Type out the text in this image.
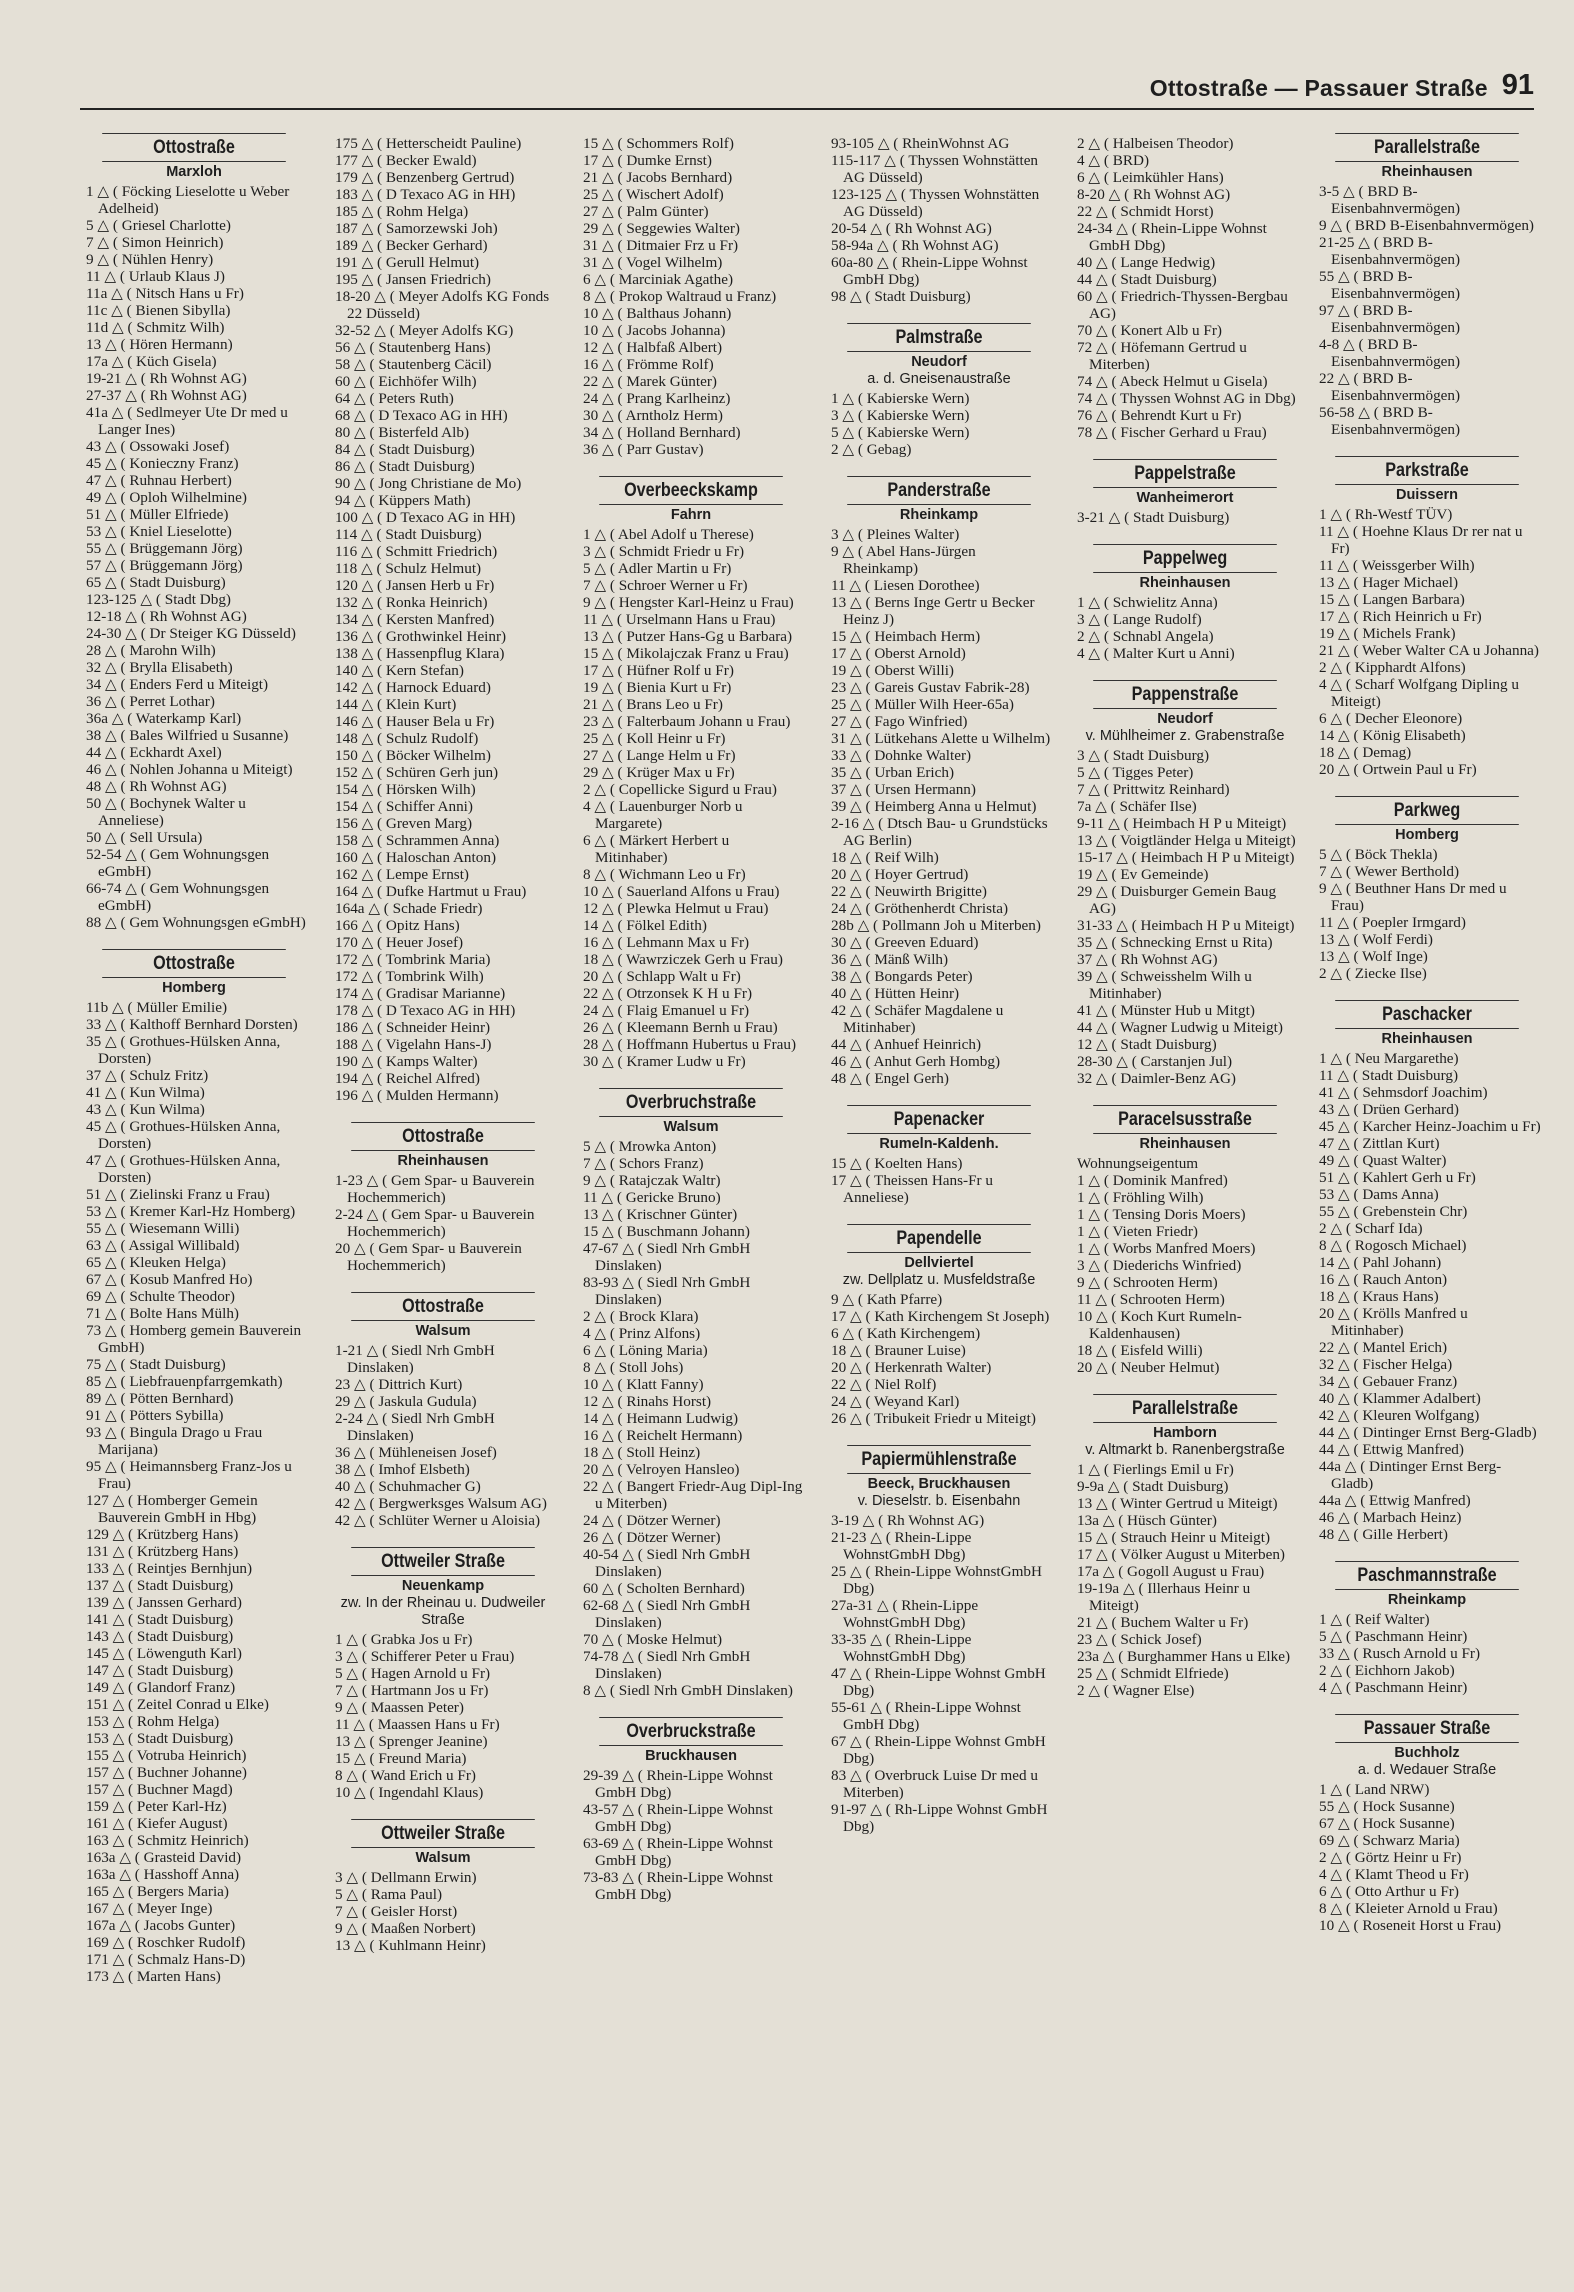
Ottostraße — Passauer Straße 91
Ottostraße
Marxloh
1 △ ( Föcking Lieselotte u Weber Adelheid)
5 △ ( Griesel Charlotte)
7 △ ( Simon Heinrich)
9 △ ( Nühlen Henry)
11 △ ( Urlaub Klaus J)
11a △ ( Nitsch Hans u Fr)
11c △ ( Bienen Sibylla)
11d △ ( Schmitz Wilh)
13 △ ( Hören Hermann)
17a △ ( Küch Gisela)
19-21 △ ( Rh Wohnst AG)
27-37 △ ( Rh Wohnst AG)
41a △ ( Sedlmeyer Ute Dr med u Langer Ines)
43 △ ( Ossowaki Josef)
45 △ ( Konieczny Franz)
47 △ ( Ruhnau Herbert)
49 △ ( Oploh Wilhelmine)
51 △ ( Müller Elfriede)
53 △ ( Kniel Lieselotte)
55 △ ( Brüggemann Jörg)
57 △ ( Brüggemann Jörg)
65 △ ( Stadt Duisburg)
123-125 △ ( Stadt Dbg)
12-18 △ ( Rh Wohnst AG)
24-30 △ ( Dr Steiger KG Düsseld)
28 △ ( Marohn Wilh)
32 △ ( Brylla Elisabeth)
34 △ ( Enders Ferd u Miteigt)
36 △ ( Perret Lothar)
36a △ ( Waterkamp Karl)
38 △ ( Bales Wilfried u Susanne)
44 △ ( Eckhardt Axel)
46 △ ( Nohlen Johanna u Miteigt)
48 △ ( Rh Wohnst AG)
50 △ ( Bochynek Walter u Anneliese)
50 △ ( Sell Ursula)
52-54 △ ( Gem Wohnungsgen eGmbH)
66-74 △ ( Gem Wohnungsgen eGmbH)
88 △ ( Gem Wohnungsgen eGmbH)
Ottostraße
Homberg
11b △ ( Müller Emilie)
33 △ ( Kalthoff Bernhard Dorsten)
35 △ ( Grothues-Hülsken Anna, Dorsten)
37 △ ( Schulz Fritz)
41 △ ( Kun Wilma)
43 △ ( Kun Wilma)
45 △ ( Grothues-Hülsken Anna, Dorsten)
47 △ ( Grothues-Hülsken Anna, Dorsten)
51 △ ( Zielinski Franz u Frau)
53 △ ( Kremer Karl-Hz Homberg)
55 △ ( Wiesemann Willi)
63 △ ( Assigal Willibald)
65 △ ( Kleuken Helga)
67 △ ( Kosub Manfred Ho)
69 △ ( Schulte Theodor)
71 △ ( Bolte Hans Mülh)
73 △ ( Homberg gemein Bauverein GmbH)
75 △ ( Stadt Duisburg)
85 △ ( Liebfrauenpfarrgemkath)
89 △ ( Pötten Bernhard)
91 △ ( Pötters Sybilla)
93 △ ( Bingula Drago u Frau Marijana)
95 △ ( Heimannsberg Franz-Jos u Frau)
127 △ ( Homberger Gemein Bauverein GmbH in Hbg)
129 △ ( Krützberg Hans)
131 △ ( Krützberg Hans)
133 △ ( Reintjes Bernhjun)
137 △ ( Stadt Duisburg)
139 △ ( Janssen Gerhard)
141 △ ( Stadt Duisburg)
143 △ ( Stadt Duisburg)
145 △ ( Löwenguth Karl)
147 △ ( Stadt Duisburg)
149 △ ( Glandorf Franz)
151 △ ( Zeitel Conrad u Elke)
153 △ ( Rohm Helga)
153 △ ( Stadt Duisburg)
155 △ ( Votruba Heinrich)
157 △ ( Buchner Johanne)
157 △ ( Buchner Magd)
159 △ ( Peter Karl-Hz)
161 △ ( Kiefer August)
163 △ ( Schmitz Heinrich)
163a △ ( Grasteid David)
163a △ ( Hasshoff Anna)
165 △ ( Bergers Maria)
167 △ ( Meyer Inge)
167a △ ( Jacobs Gunter)
169 △ ( Roschker Rudolf)
171 △ ( Schmalz Hans-D)
173 △ ( Marten Hans)
175 △ ( Hetterscheidt Pauline)
177 △ ( Becker Ewald)
179 △ ( Benzenberg Gertrud)
183 △ ( D Texaco AG in HH)
185 △ ( Rohm Helga)
187 △ ( Samorzewski Joh)
189 △ ( Becker Gerhard)
191 △ ( Gerull Helmut)
195 △ ( Jansen Friedrich)
18-20 △ ( Meyer Adolfs KG Fonds 22 Düsseld)
32-52 △ ( Meyer Adolfs KG)
56 △ ( Stautenberg Hans)
58 △ ( Stautenberg Cäcil)
60 △ ( Eichhöfer Wilh)
64 △ ( Peters Ruth)
68 △ ( D Texaco AG in HH)
80 △ ( Bisterfeld Alb)
84 △ ( Stadt Duisburg)
86 △ ( Stadt Duisburg)
90 △ ( Jong Christiane de Mo)
94 △ ( Küppers Math)
100 △ ( D Texaco AG in HH)
114 △ ( Stadt Duisburg)
116 △ ( Schmitt Friedrich)
118 △ ( Schulz Helmut)
120 △ ( Jansen Herb u Fr)
132 △ ( Ronka Heinrich)
134 △ ( Kersten Manfred)
136 △ ( Grothwinkel Heinr)
138 △ ( Hassenpflug Klara)
140 △ ( Kern Stefan)
142 △ ( Harnock Eduard)
144 △ ( Klein Kurt)
146 △ ( Hauser Bela u Fr)
148 △ ( Schulz Rudolf)
150 △ ( Böcker Wilhelm)
152 △ ( Schüren Gerh jun)
154 △ ( Hörsken Wilh)
154 △ ( Schiffer Anni)
156 △ ( Greven Marg)
158 △ ( Schrammen Anna)
160 △ ( Haloschan Anton)
162 △ ( Lempe Ernst)
164 △ ( Dufke Hartmut u Frau)
164a △ ( Schade Friedr)
166 △ ( Opitz Hans)
170 △ ( Heuer Josef)
172 △ ( Tombrink Maria)
172 △ ( Tombrink Wilh)
174 △ ( Gradisar Marianne)
178 △ ( D Texaco AG in HH)
186 △ ( Schneider Heinr)
188 △ ( Vigelahn Hans-J)
190 △ ( Kamps Walter)
194 △ ( Reichel Alfred)
196 △ ( Mulden Hermann)
Ottostraße
Rheinhausen
1-23 △ ( Gem Spar- u Bauverein Hochemmerich)
2-24 △ ( Gem Spar- u Bauverein Hochemmerich)
20 △ ( Gem Spar- u Bauverein Hochemmerich)
Ottostraße
Walsum
1-21 △ ( Siedl Nrh GmbH Dinslaken)
23 △ ( Dittrich Kurt)
29 △ ( Jaskula Gudula)
2-24 △ ( Siedl Nrh GmbH Dinslaken)
36 △ ( Mühleneisen Josef)
38 △ ( Imhof Elsbeth)
40 △ ( Schuhmacher G)
42 △ ( Bergwerksges Walsum AG)
42 △ ( Schlüter Werner u Aloisia)
Ottweiler Straße
Neuenkamp
zw. In der Rheinau u. Dudweiler Straße
1 △ ( Grabka Jos u Fr)
3 △ ( Schifferer Peter u Frau)
5 △ ( Hagen Arnold u Fr)
7 △ ( Hartmann Jos u Fr)
9 △ ( Maassen Peter)
11 △ ( Maassen Hans u Fr)
13 △ ( Sprenger Jeanine)
15 △ ( Freund Maria)
8 △ ( Wand Erich u Fr)
10 △ ( Ingendahl Klaus)
Ottweiler Straße
Walsum
3 △ ( Dellmann Erwin)
5 △ ( Rama Paul)
7 △ ( Geisler Horst)
9 △ ( Maaßen Norbert)
13 △ ( Kuhlmann Heinr)
15 △ ( Schommers Rolf)
17 △ ( Dumke Ernst)
21 △ ( Jacobs Bernhard)
25 △ ( Wischert Adolf)
27 △ ( Palm Günter)
29 △ ( Seggewies Walter)
31 △ ( Ditmaier Frz u Fr)
31 △ ( Vogel Wilhelm)
6 △ ( Marciniak Agathe)
8 △ ( Prokop Waltraud u Franz)
10 △ ( Balthaus Johann)
10 △ ( Jacobs Johanna)
12 △ ( Halbfaß Albert)
16 △ ( Frömme Rolf)
22 △ ( Marek Günter)
24 △ ( Prang Karlheinz)
30 △ ( Arntholz Herm)
34 △ ( Holland Bernhard)
36 △ ( Parr Gustav)
Overbeeckskamp
Fahrn
1 △ ( Abel Adolf u Therese)
3 △ ( Schmidt Friedr u Fr)
5 △ ( Adler Martin u Fr)
7 △ ( Schroer Werner u Fr)
9 △ ( Hengster Karl-Heinz u Frau)
11 △ ( Urselmann Hans u Frau)
13 △ ( Putzer Hans-Gg u Barbara)
15 △ ( Mikolajczak Franz u Frau)
17 △ ( Hüfner Rolf u Fr)
19 △ ( Bienia Kurt u Fr)
21 △ ( Brans Leo u Fr)
23 △ ( Falterbaum Johann u Frau)
25 △ ( Koll Heinr u Fr)
27 △ ( Lange Helm u Fr)
29 △ ( Krüger Max u Fr)
2 △ ( Copellicke Sigurd u Frau)
4 △ ( Lauenburger Norb u Margarete)
6 △ ( Märkert Herbert u Mitinhaber)
8 △ ( Wichmann Leo u Fr)
10 △ ( Sauerland Alfons u Frau)
12 △ ( Plewka Helmut u Frau)
14 △ ( Fölkel Edith)
16 △ ( Lehmann Max u Fr)
18 △ ( Wawrziczek Gerh u Frau)
20 △ ( Schlapp Walt u Fr)
22 △ ( Otrzonsek K H u Fr)
24 △ ( Flaig Emanuel u Fr)
26 △ ( Kleemann Bernh u Frau)
28 △ ( Hoffmann Hubertus u Frau)
30 △ ( Kramer Ludw u Fr)
Overbruchstraße
Walsum
5 △ ( Mrowka Anton)
7 △ ( Schors Franz)
9 △ ( Ratajczak Waltr)
11 △ ( Gericke Bruno)
13 △ ( Krischner Günter)
15 △ ( Buschmann Johann)
47-67 △ ( Siedl Nrh GmbH Dinslaken)
83-93 △ ( Siedl Nrh GmbH Dinslaken)
2 △ ( Brock Klara)
4 △ ( Prinz Alfons)
6 △ ( Löning Maria)
8 △ ( Stoll Johs)
10 △ ( Klatt Fanny)
12 △ ( Rinahs Horst)
14 △ ( Heimann Ludwig)
16 △ ( Reichelt Hermann)
18 △ ( Stoll Heinz)
20 △ ( Velroyen Hansleo)
22 △ ( Bangert Friedr-Aug Dipl-Ing u Miterben)
24 △ ( Dötzer Werner)
26 △ ( Dötzer Werner)
40-54 △ ( Siedl Nrh GmbH Dinslaken)
60 △ ( Scholten Bernhard)
62-68 △ ( Siedl Nrh GmbH Dinslaken)
70 △ ( Moske Helmut)
74-78 △ ( Siedl Nrh GmbH Dinslaken)
8 △ ( Siedl Nrh GmbH Dinslaken)
Overbruckstraße
Bruckhausen
29-39 △ ( Rhein-Lippe Wohnst GmbH Dbg)
43-57 △ ( Rhein-Lippe Wohnst GmbH Dbg)
63-69 △ ( Rhein-Lippe Wohnst GmbH Dbg)
73-83 △ ( Rhein-Lippe Wohnst GmbH Dbg)
93-105 △ ( RheinWohnst AG
115-117 △ ( Thyssen Wohnstätten AG Düsseld)
123-125 △ ( Thyssen Wohnstätten AG Düsseld)
20-54 △ ( Rh Wohnst AG)
58-94a △ ( Rh Wohnst AG)
60a-80 △ ( Rhein-Lippe Wohnst GmbH Dbg)
98 △ ( Stadt Duisburg)
Palmstraße
Neudorf
a. d. Gneisenaustraße
1 △ ( Kabierske Wern)
3 △ ( Kabierske Wern)
5 △ ( Kabierske Wern)
2 △ ( Gebag)
Panderstraße
Rheinkamp
3 △ ( Pleines Walter)
9 △ ( Abel Hans-Jürgen Rheinkamp)
11 △ ( Liesen Dorothee)
13 △ ( Berns Inge Gertr u Becker Heinz J)
15 △ ( Heimbach Herm)
17 △ ( Oberst Arnold)
19 △ ( Oberst Willi)
23 △ ( Gareis Gustav Fabrik-28)
25 △ ( Müller Wilh Heer-65a)
27 △ ( Fago Winfried)
31 △ ( Lütkehans Alette u Wilhelm)
33 △ ( Dohnke Walter)
35 △ ( Urban Erich)
37 △ ( Ursen Hermann)
39 △ ( Heimberg Anna u Helmut)
2-16 △ ( Dtsch Bau- u Grundstücks AG Berlin)
18 △ ( Reif Wilh)
20 △ ( Hoyer Gertrud)
22 △ ( Neuwirth Brigitte)
24 △ ( Gröthenherdt Christa)
28b △ ( Pollmann Joh u Miterben)
30 △ ( Greeven Eduard)
36 △ ( Mänß Wilh)
38 △ ( Bongards Peter)
40 △ ( Hütten Heinr)
42 △ ( Schäfer Magdalene u Mitinhaber)
44 △ ( Anhuef Heinrich)
46 △ ( Anhut Gerh Hombg)
48 △ ( Engel Gerh)
Papenacker
Rumeln-Kaldenh.
15 △ ( Koelten Hans)
17 △ ( Theissen Hans-Fr u Anneliese)
Papendelle
Dellviertel
zw. Dellplatz u. Musfeldstraße
9 △ ( Kath Pfarre)
17 △ ( Kath Kirchengem St Joseph)
6 △ ( Kath Kirchengem)
18 △ ( Brauner Luise)
20 △ ( Herkenrath Walter)
22 △ ( Niel Rolf)
24 △ ( Weyand Karl)
26 △ ( Tribukeit Friedr u Miteigt)
Papiermühlenstraße
Beeck, Bruckhausen
v. Dieselstr. b. Eisenbahn
3-19 △ ( Rh Wohnst AG)
21-23 △ ( Rhein-Lippe WohnstGmbH Dbg)
25 △ ( Rhein-Lippe WohnstGmbH Dbg)
27a-31 △ ( Rhein-Lippe WohnstGmbH Dbg)
33-35 △ ( Rhein-Lippe WohnstGmbH Dbg)
47 △ ( Rhein-Lippe Wohnst GmbH Dbg)
55-61 △ ( Rhein-Lippe Wohnst GmbH Dbg)
67 △ ( Rhein-Lippe Wohnst GmbH Dbg)
83 △ ( Overbruck Luise Dr med u Miterben)
91-97 △ ( Rh-Lippe Wohnst GmbH Dbg)
2 △ ( Halbeisen Theodor)
4 △ ( BRD)
6 △ ( Leimkühler Hans)
8-20 △ ( Rh Wohnst AG)
22 △ ( Schmidt Horst)
24-34 △ ( Rhein-Lippe Wohnst GmbH Dbg)
40 △ ( Lange Hedwig)
44 △ ( Stadt Duisburg)
60 △ ( Friedrich-Thyssen-Bergbau AG)
70 △ ( Konert Alb u Fr)
72 △ ( Höfemann Gertrud u Miterben)
74 △ ( Abeck Helmut u Gisela)
74 △ ( Thyssen Wohnst AG in Dbg)
76 △ ( Behrendt Kurt u Fr)
78 △ ( Fischer Gerhard u Frau)
Pappelstraße
Wanheimerort
3-21 △ ( Stadt Duisburg)
Pappelweg
Rheinhausen
1 △ ( Schwielitz Anna)
3 △ ( Lange Rudolf)
2 △ ( Schnabl Angela)
4 △ ( Malter Kurt u Anni)
Pappenstraße
Neudorf
v. Mühlheimer z. Grabenstraße
3 △ ( Stadt Duisburg)
5 △ ( Tigges Peter)
7 △ ( Prittwitz Reinhard)
7a △ ( Schäfer Ilse)
9-11 △ ( Heimbach H P u Miteigt)
13 △ ( Voigtländer Helga u Miteigt)
15-17 △ ( Heimbach H P u Miteigt)
19 △ ( Ev Gemeinde)
29 △ ( Duisburger Gemein Baug AG)
31-33 △ ( Heimbach H P u Miteigt)
35 △ ( Schnecking Ernst u Rita)
37 △ ( Rh Wohnst AG)
39 △ ( Schweisshelm Wilh u Mitinhaber)
41 △ ( Münster Hub u Mitgt)
44 △ ( Wagner Ludwig u Miteigt)
12 △ ( Stadt Duisburg)
28-30 △ ( Carstanjen Jul)
32 △ ( Daimler-Benz AG)
Paracelsusstraße
Rheinhausen
Wohnungseigentum
1 △ ( Dominik Manfred)
1 △ ( Fröhling Wilh)
1 △ ( Tensing Doris Moers)
1 △ ( Vieten Friedr)
1 △ ( Worbs Manfred Moers)
3 △ ( Diederichs Winfried)
9 △ ( Schrooten Herm)
11 △ ( Schrooten Herm)
10 △ ( Koch Kurt Rumeln-Kaldenhausen)
18 △ ( Eisfeld Willi)
20 △ ( Neuber Helmut)
Parallelstraße
Hamborn
v. Altmarkt b. Ranenbergstraße
1 △ ( Fierlings Emil u Fr)
9-9a △ ( Stadt Duisburg)
13 △ ( Winter Gertrud u Miteigt)
13a △ ( Hüsch Günter)
15 △ ( Strauch Heinr u Miteigt)
17 △ ( Völker August u Miterben)
17a △ ( Gogoll August u Frau)
19-19a △ ( Illerhaus Heinr u Miteigt)
21 △ ( Buchem Walter u Fr)
23 △ ( Schick Josef)
23a △ ( Burghammer Hans u Elke)
25 △ ( Schmidt Elfriede)
2 △ ( Wagner Else)
Parallelstraße
Rheinhausen
3-5 △ ( BRD B-Eisenbahnvermögen)
9 △ ( BRD B-Eisenbahnvermögen)
21-25 △ ( BRD B-Eisenbahnvermögen)
55 △ ( BRD B-Eisenbahnvermögen)
97 △ ( BRD B-Eisenbahnvermögen)
4-8 △ ( BRD B-Eisenbahnvermögen)
22 △ ( BRD B-Eisenbahnvermögen)
56-58 △ ( BRD B-Eisenbahnvermögen)
Parkstraße
Duissern
1 △ ( Rh-Westf TÜV)
11 △ ( Hoehne Klaus Dr rer nat u Fr)
11 △ ( Weissgerber Wilh)
13 △ ( Hager Michael)
15 △ ( Langen Barbara)
17 △ ( Rich Heinrich u Fr)
19 △ ( Michels Frank)
21 △ ( Weber Walter CA u Johanna)
2 △ ( Kipphardt Alfons)
4 △ ( Scharf Wolfgang Dipling u Miteigt)
6 △ ( Decher Eleonore)
14 △ ( König Elisabeth)
18 △ ( Demag)
20 △ ( Ortwein Paul u Fr)
Parkweg
Homberg
5 △ ( Böck Thekla)
7 △ ( Wewer Berthold)
9 △ ( Beuthner Hans Dr med u Frau)
11 △ ( Poepler Irmgard)
13 △ ( Wolf Ferdi)
13 △ ( Wolf Inge)
2 △ ( Ziecke Ilse)
Paschacker
Rheinhausen
1 △ ( Neu Margarethe)
11 △ ( Stadt Duisburg)
41 △ ( Sehmsdorf Joachim)
43 △ ( Drüen Gerhard)
45 △ ( Karcher Heinz-Joachim u Fr)
47 △ ( Zittlan Kurt)
49 △ ( Quast Walter)
51 △ ( Kahlert Gerh u Fr)
53 △ ( Dams Anna)
55 △ ( Grebenstein Chr)
2 △ ( Scharf Ida)
8 △ ( Rogosch Michael)
14 △ ( Pahl Johann)
16 △ ( Rauch Anton)
18 △ ( Kraus Hans)
20 △ ( Krölls Manfred u Mitinhaber)
22 △ ( Mantel Erich)
32 △ ( Fischer Helga)
34 △ ( Gebauer Franz)
40 △ ( Klammer Adalbert)
42 △ ( Kleuren Wolfgang)
44 △ ( Dintinger Ernst Berg-Gladb)
44 △ ( Ettwig Manfred)
44a △ ( Dintinger Ernst Berg-Gladb)
44a △ ( Ettwig Manfred)
46 △ ( Marbach Heinz)
48 △ ( Gille Herbert)
Paschmannstraße
Rheinkamp
1 △ ( Reif Walter)
5 △ ( Paschmann Heinr)
33 △ ( Rusch Arnold u Fr)
2 △ ( Eichhorn Jakob)
4 △ ( Paschmann Heinr)
Passauer Straße
Buchholz
a. d. Wedauer Straße
1 △ ( Land NRW)
55 △ ( Hock Susanne)
67 △ ( Hock Susanne)
69 △ ( Schwarz Maria)
2 △ ( Görtz Heinr u Fr)
4 △ ( Klamt Theod u Fr)
6 △ ( Otto Arthur u Fr)
8 △ ( Kleieter Arnold u Frau)
10 △ ( Roseneit Horst u Frau)
